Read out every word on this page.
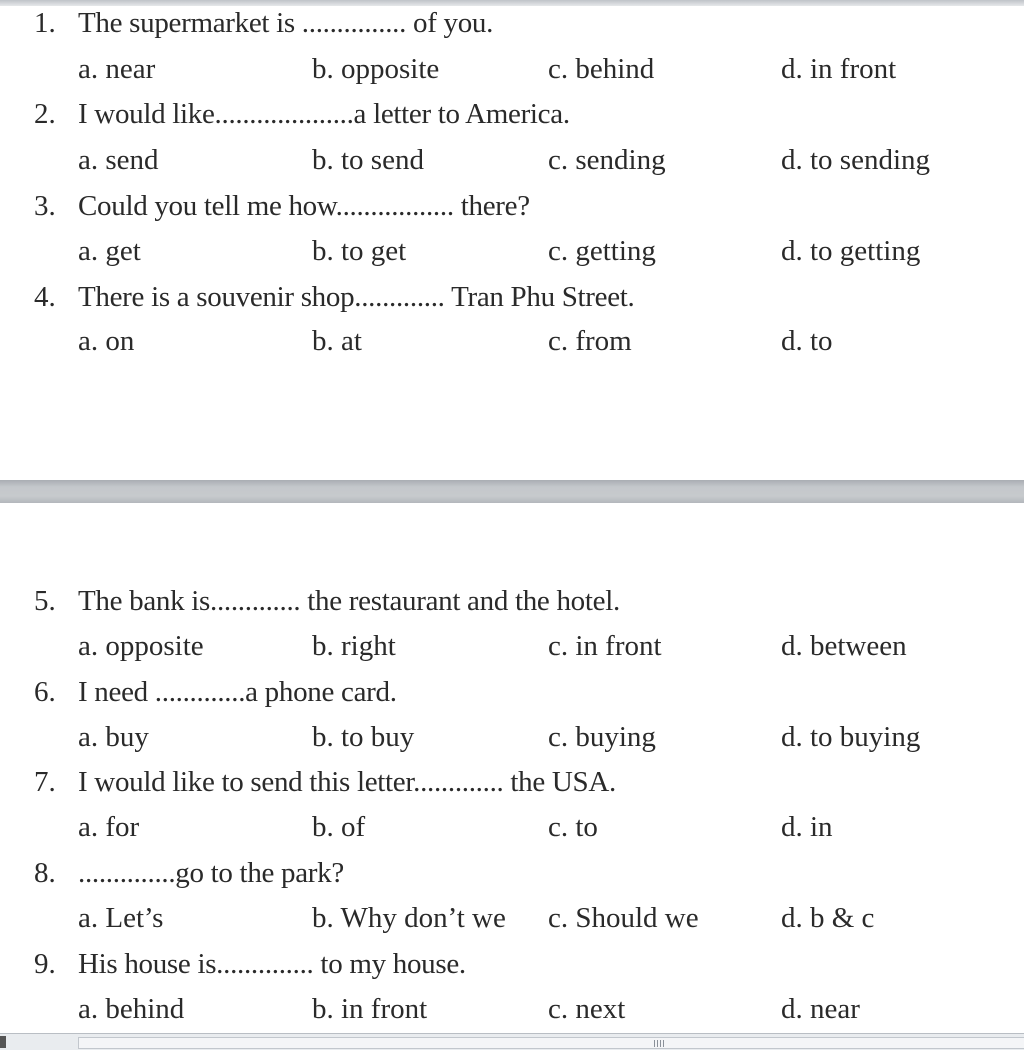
1. The supermarket is ............... of you.
a. near	b. opposite	c. behind	d. in front
2. I would like....................a letter to America.
a. send	b. to send	c. sending	d. to sending
3. Could you tell me how................. there?
a. get	b. to get	c. getting	d. to getting
4. There is a souvenir shop............. Tran Phu Street.
a. on	b. at	c. from	d. to
5. The bank is............. the restaurant and the hotel.
a. opposite	b. right	c. in front	d. between
6. I need .............a phone card.
a. buy	b. to buy	c. buying	d. to buying
7. I would like to send this letter............. the USA.
a. for	b. of	c. to	d. in
8. ..............go to the park?
a. Let’s	b. Why don’t we c. Should we	d. b & c
9. His house is.............. to my house.
a. behind	b. in front	c. next	d. near
